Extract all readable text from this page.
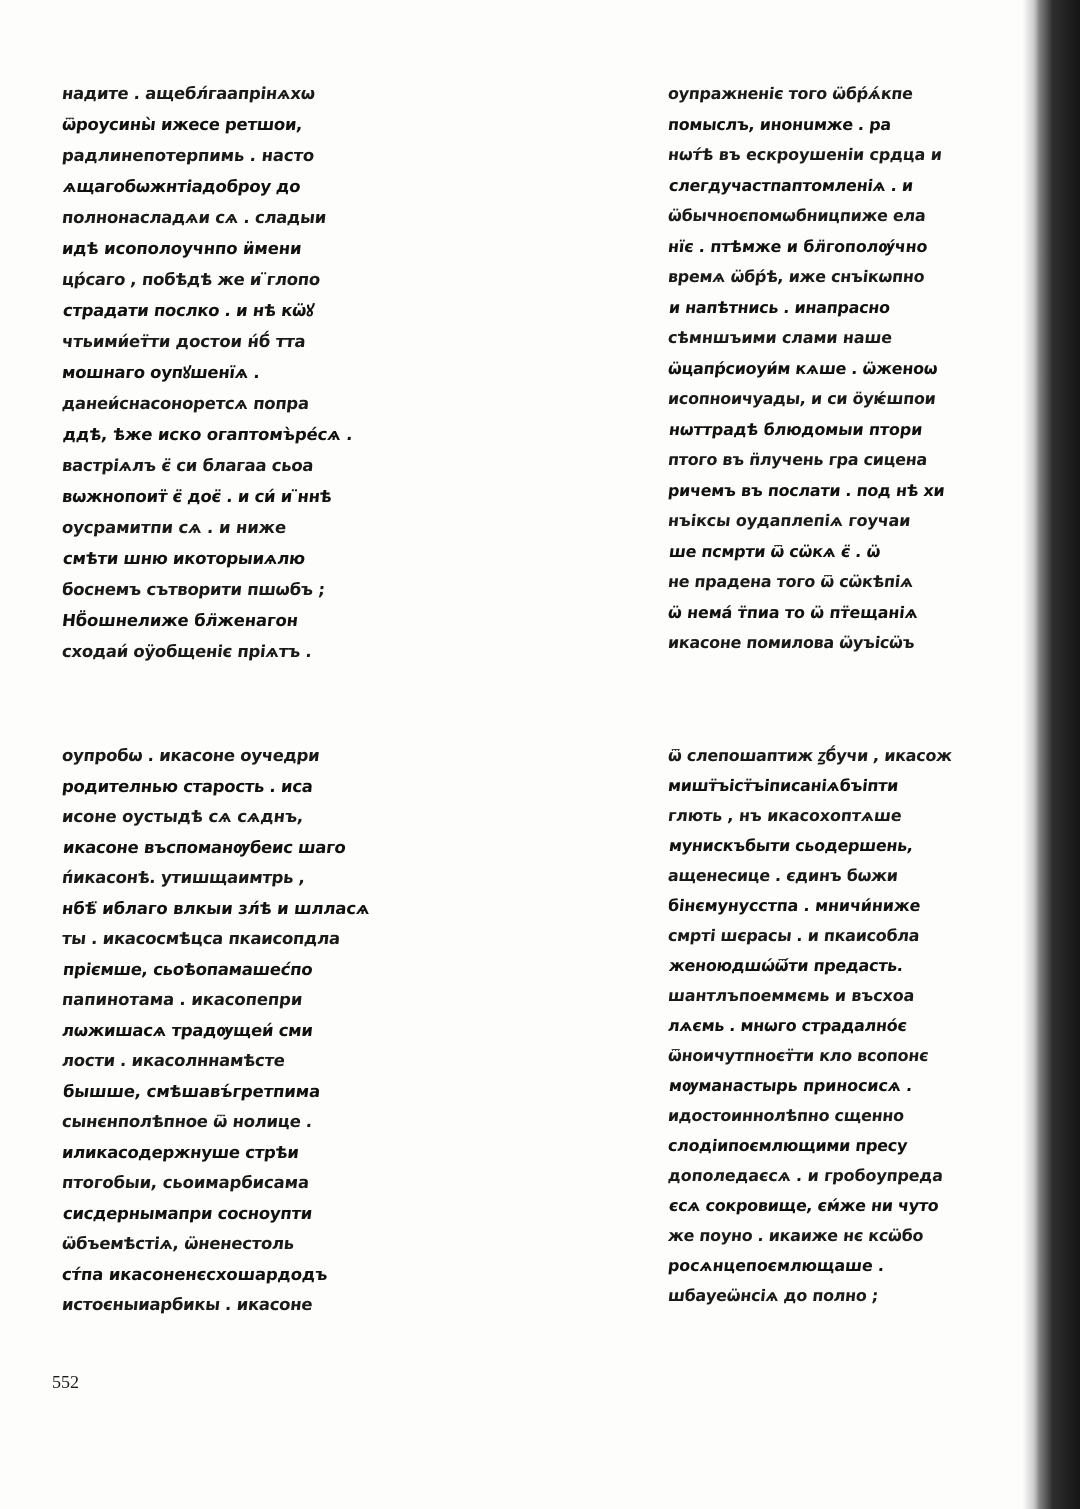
надите . ащебл́гаапрiнѧхѡ
ѿроусины̀ ижесе ретшои,
радлинепотерпимь . насто
ѧщагобѡжнтiадоброу до
полнонасладѧи сѧ . сладыи
идѣ исополоучнпо ӥмени
цр́саго , побѣдѣ же и ̈глопо
страдати послко . и нѣ кѡ̈ꙋ
чтьими́ет̈ти достои н́б́ тта
мошнаго оупꙋшенїѧ .
данеи́снасоноретсѧ попра
ддѣ, ѣже иско огаптомъ̀ре́сѧ .
вастрiѧлъ є̈ си благаа сьоа
вѡжнопоит̈ є̈ доє̈ . и си́ и ̈ннѣ
оусрамитпи сѧ . и ниже
смѣти шню икоторыиѧлю
боснемъ сътворити пшѡбъ ;
Нб̈ошнелиже бл̈женагон
сходаи́ оӱобщенiє прiѧтъ .
оупражненiє того ѡ̈бр́ѧ́кпе
помыслъ, инонuмже . ра
нѡт́ѣ въ ескроушенiи срдца и
слегдучастпаптомленiѧ . и
ѡ̈бычноєпомѡбницпиже ела
нїє . птѣмже и бл̈гополѹ́чно
времѧ ѡ̈бр́ѣ, иже снъiкѡпно
и напѣтнись . инапрасно
сѣмншъими слами наше
ѡ̈цапр́сиоуи́м кѧше . ѡ̈женоѡ
исопноичуады, и си ӧуѥ́шпои
нѡттрадѣ блюдомыи птори
птого въ п̈лучень гра сицена
ричемъ въ послати . под нѣ хи
нъiксы оудаплепiѧ гоучаи
ше псмрти ѿ сѡ̈кѧ є̈ . ѡ̈
не прадена того ѿ сѡ̈кѣпiѧ
ѡ̈ нема́ т̈пиа то ѡ̈ пт̈ещанiѧ
икасоне помилова ѡ̈уъiсѡ̈ъ
оупробѡ . икасоне оучедри
родителнью старость . иса
исоне оустыдѣ сѧ сѧднъ,
икасоне въспоманѹбеис шаго
п́икасонѣ. утишщаимтрь ,
нбѣ̈ иблаго влкыи зл́ѣ и шлласѧ
ты . икасосмѣцса пкаисопдла
прiємше, сьоѣопамашес́по
папинотама . икасопепри
лѡжишасѧ традѹщеи́ сми
лости . икасолннамѣсте
бышше, смѣшавъ́гретпима
сынєнполѣпное ѿ нолице .
иликасодержнуше стрѣи
птогобыи, сьоимарбисама
сисдернымапри сосноупти
ѡ̈бъемѣстiѧ, ѡ̈ненестоль
ст́па икасоненєсхошардодъ
истоєныиарбикы . икасоне
ѿ слепошаптиж ꙁб́учи , икасож
мишт̈ъiст̈ъiписанiѧбъiпти
глють , нъ икасохоптѧше
мунискъбыти сьодершень,
ащенесице . єдинъ бѡжи
бiнємунусстпа . мничи́ниже
смртi шєрасы . и пкаисобла
женоюдшѡ́ѿ́ти предасть.
шантлъпоеммємь и въсхоа
лѧємь . мнѡго страдално́є
ѿноичутпноєт̈ти кло всопонє
мѹманастырь приносисѧ .
идостоиннолѣпно сщенно
слодiипоємлющими пресу
дополедаєсѧ . и гробоупреда
єсѧ сокровище, єм́же ни чуто
же поуно . икаиже нє ксѡ̈бо
росѧнцепоємлющаше .
шбауеѡ̈нсiѧ до полно ;
552
